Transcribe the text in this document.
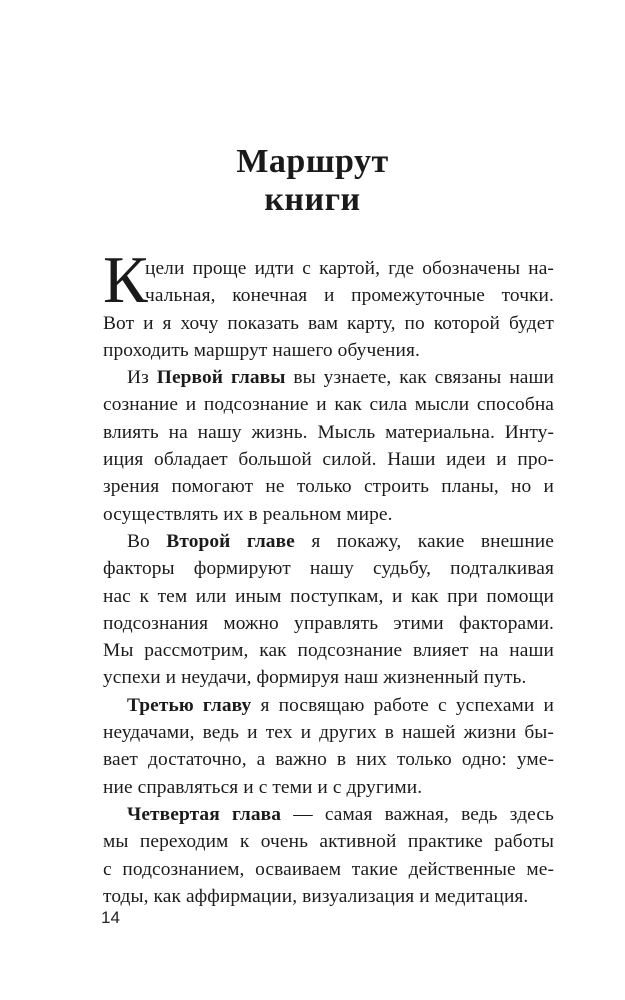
Маршрут
книги
К

цели проще идти с картой, где обозначены на-
чальная, конечная и промежуточные точки.
Вот и я хочу показать вам карту, по которой будет
проходить маршрут нашего обучения.

Из Первой главы вы узнаете, как связаны наши
сознание и подсознание и как сила мысли способна
влиять на нашу жизнь. Мысль материальна. Инту-
иция обладает большой силой. Наши идеи и про-
зрения помогают не только строить планы, но и
осуществлять их в реальном мире.

Во Второй главе я покажу, какие внешние
факторы формируют нашу судьбу, подталкивая
нас к тем или иным поступкам, и как при помощи
подсознания можно управлять этими факторами.
Мы рассмотрим, как подсознание влияет на наши
успехи и неудачи, формируя наш жизненный путь.

Третью главу я посвящаю работе с успехами и
неудачами, ведь и тех и других в нашей жизни бы-
вает достаточно, а важно в них только одно: уме-
ние справляться и с теми и с другими.

Четвертая глава — самая важная, ведь здесь
мы переходим к очень активной практике работы
с подсознанием, осваиваем такие действенные ме-
тоды, как аффирмации, визуализация и медитация.

14
